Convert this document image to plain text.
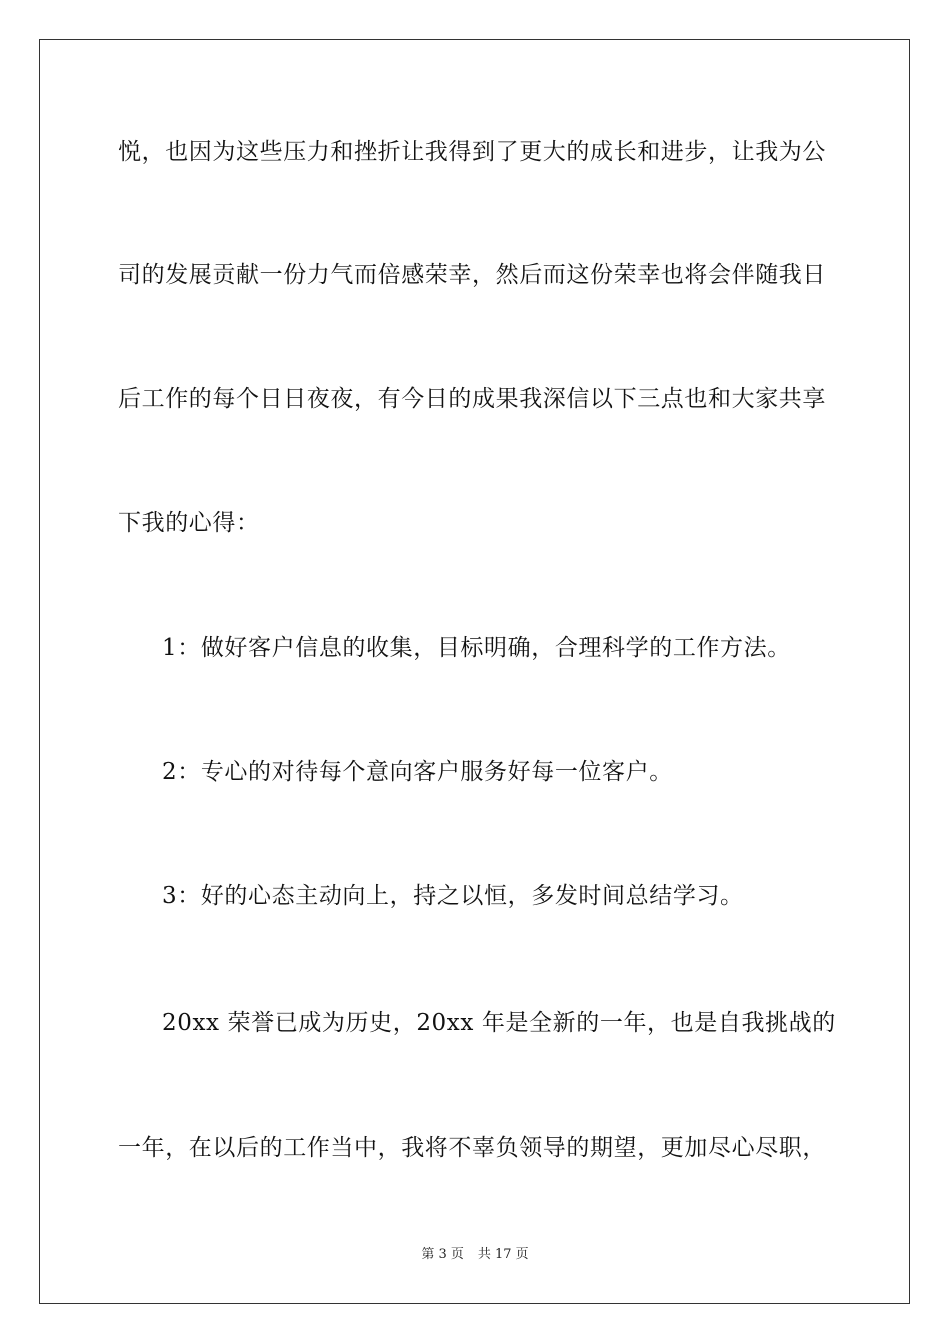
悦，也因为这些压力和挫折让我得到了更大的成长和进步，让我为公
司的发展贡献一份力气而倍感荣幸，然后而这份荣幸也将会伴随我日
后工作的每个日日夜夜，有今日的成果我深信以下三点也和大家共享
下我的心得：
1：做好客户信息的收集，目标明确，合理科学的工作方法。
2：专心的对待每个意向客户服务好每一位客户。
3：好的心态主动向上，持之以恒，多发时间总结学习。
20xx 荣誉已成为历史，20xx 年是全新的一年，也是自我挑战的
一年，在以后的工作当中，我将不辜负领导的期望，更加尽心尽职，
第 3 页 共 17 页
